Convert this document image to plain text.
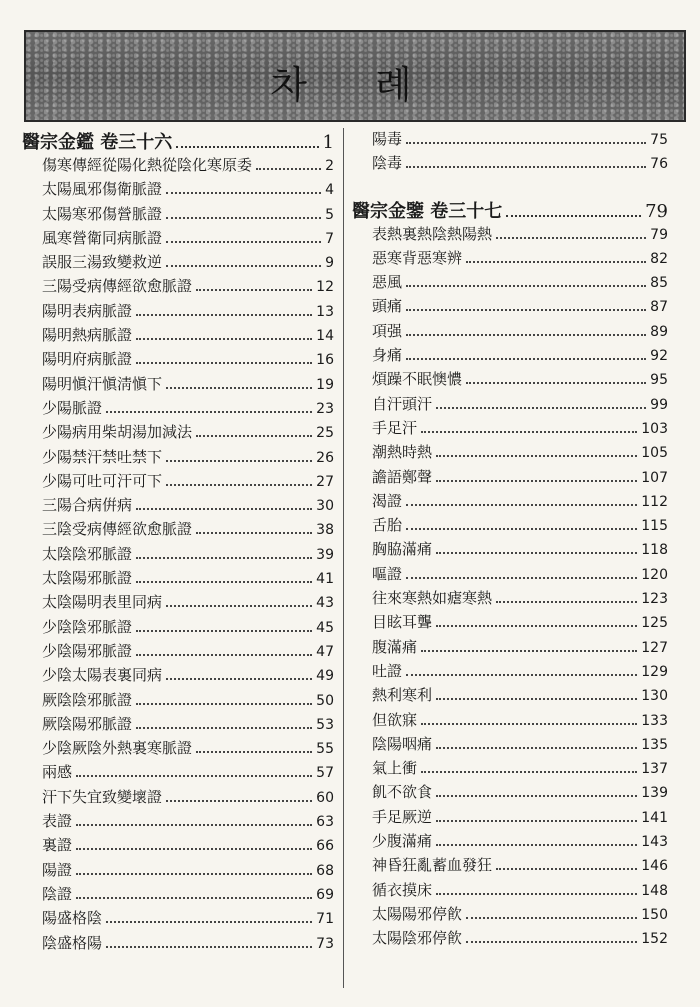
차 례
醫宗金鑑 卷三十六	1
傷寒傳經從陽化熱從陰化寒原委	2
太陽風邪傷衛脈證	4
太陽寒邪傷營脈證	5
風寒營衛同病脈證	7
誤服三湯致變救逆	9
三陽受病傳經欲愈脈證	12
陽明表病脈證	13
陽明熱病脈證	14
陽明府病脈證	16
陽明愼汗愼淸愼下	19
少陽脈證	23
少陽病用柴胡湯加減法	25
少陽禁汗禁吐禁下	26
少陽可吐可汗可下	27
三陽合病倂病	30
三陰受病傳經欲愈脈證	38
太陰陰邪脈證	39
太陰陽邪脈證	41
太陰陽明表里同病	43
少陰陰邪脈證	45
少陰陽邪脈證	47
少陰太陽表裏同病	49
厥陰陰邪脈證	50
厥陰陽邪脈證	53
少陰厥陰外熱裏寒脈證	55
兩感	57
汗下失宜致變壞證	60
表證	63
裏證	66
陽證	68
陰證	69
陽盛格陰	71
陰盛格陽	73
陽毒	75
陰毒	76
醫宗金鑒 卷三十七	79
表熱裏熱陰熱陽熱	79
惡寒背惡寒辨	82
惡風	85
頭痛	87
項强	89
身痛	92
煩躁不眠懊憹	95
自汗頭汗	99
手足汗	103
潮熱時熱	105
譫語鄭聲	107
渴證	112
舌胎	115
胸脇滿痛	118
嘔證	120
往來寒熱如瘧寒熱	123
目眩耳聾	125
腹滿痛	127
吐證	129
熱利寒利	130
但欲寐	133
陰陽咽痛	135
氣上衝	137
飢不欲食	139
手足厥逆	141
少腹滿痛	143
神昏狂亂蓄血發狂	146
循衣摸床	148
太陽陽邪停飮	150
太陽陰邪停飮	152
